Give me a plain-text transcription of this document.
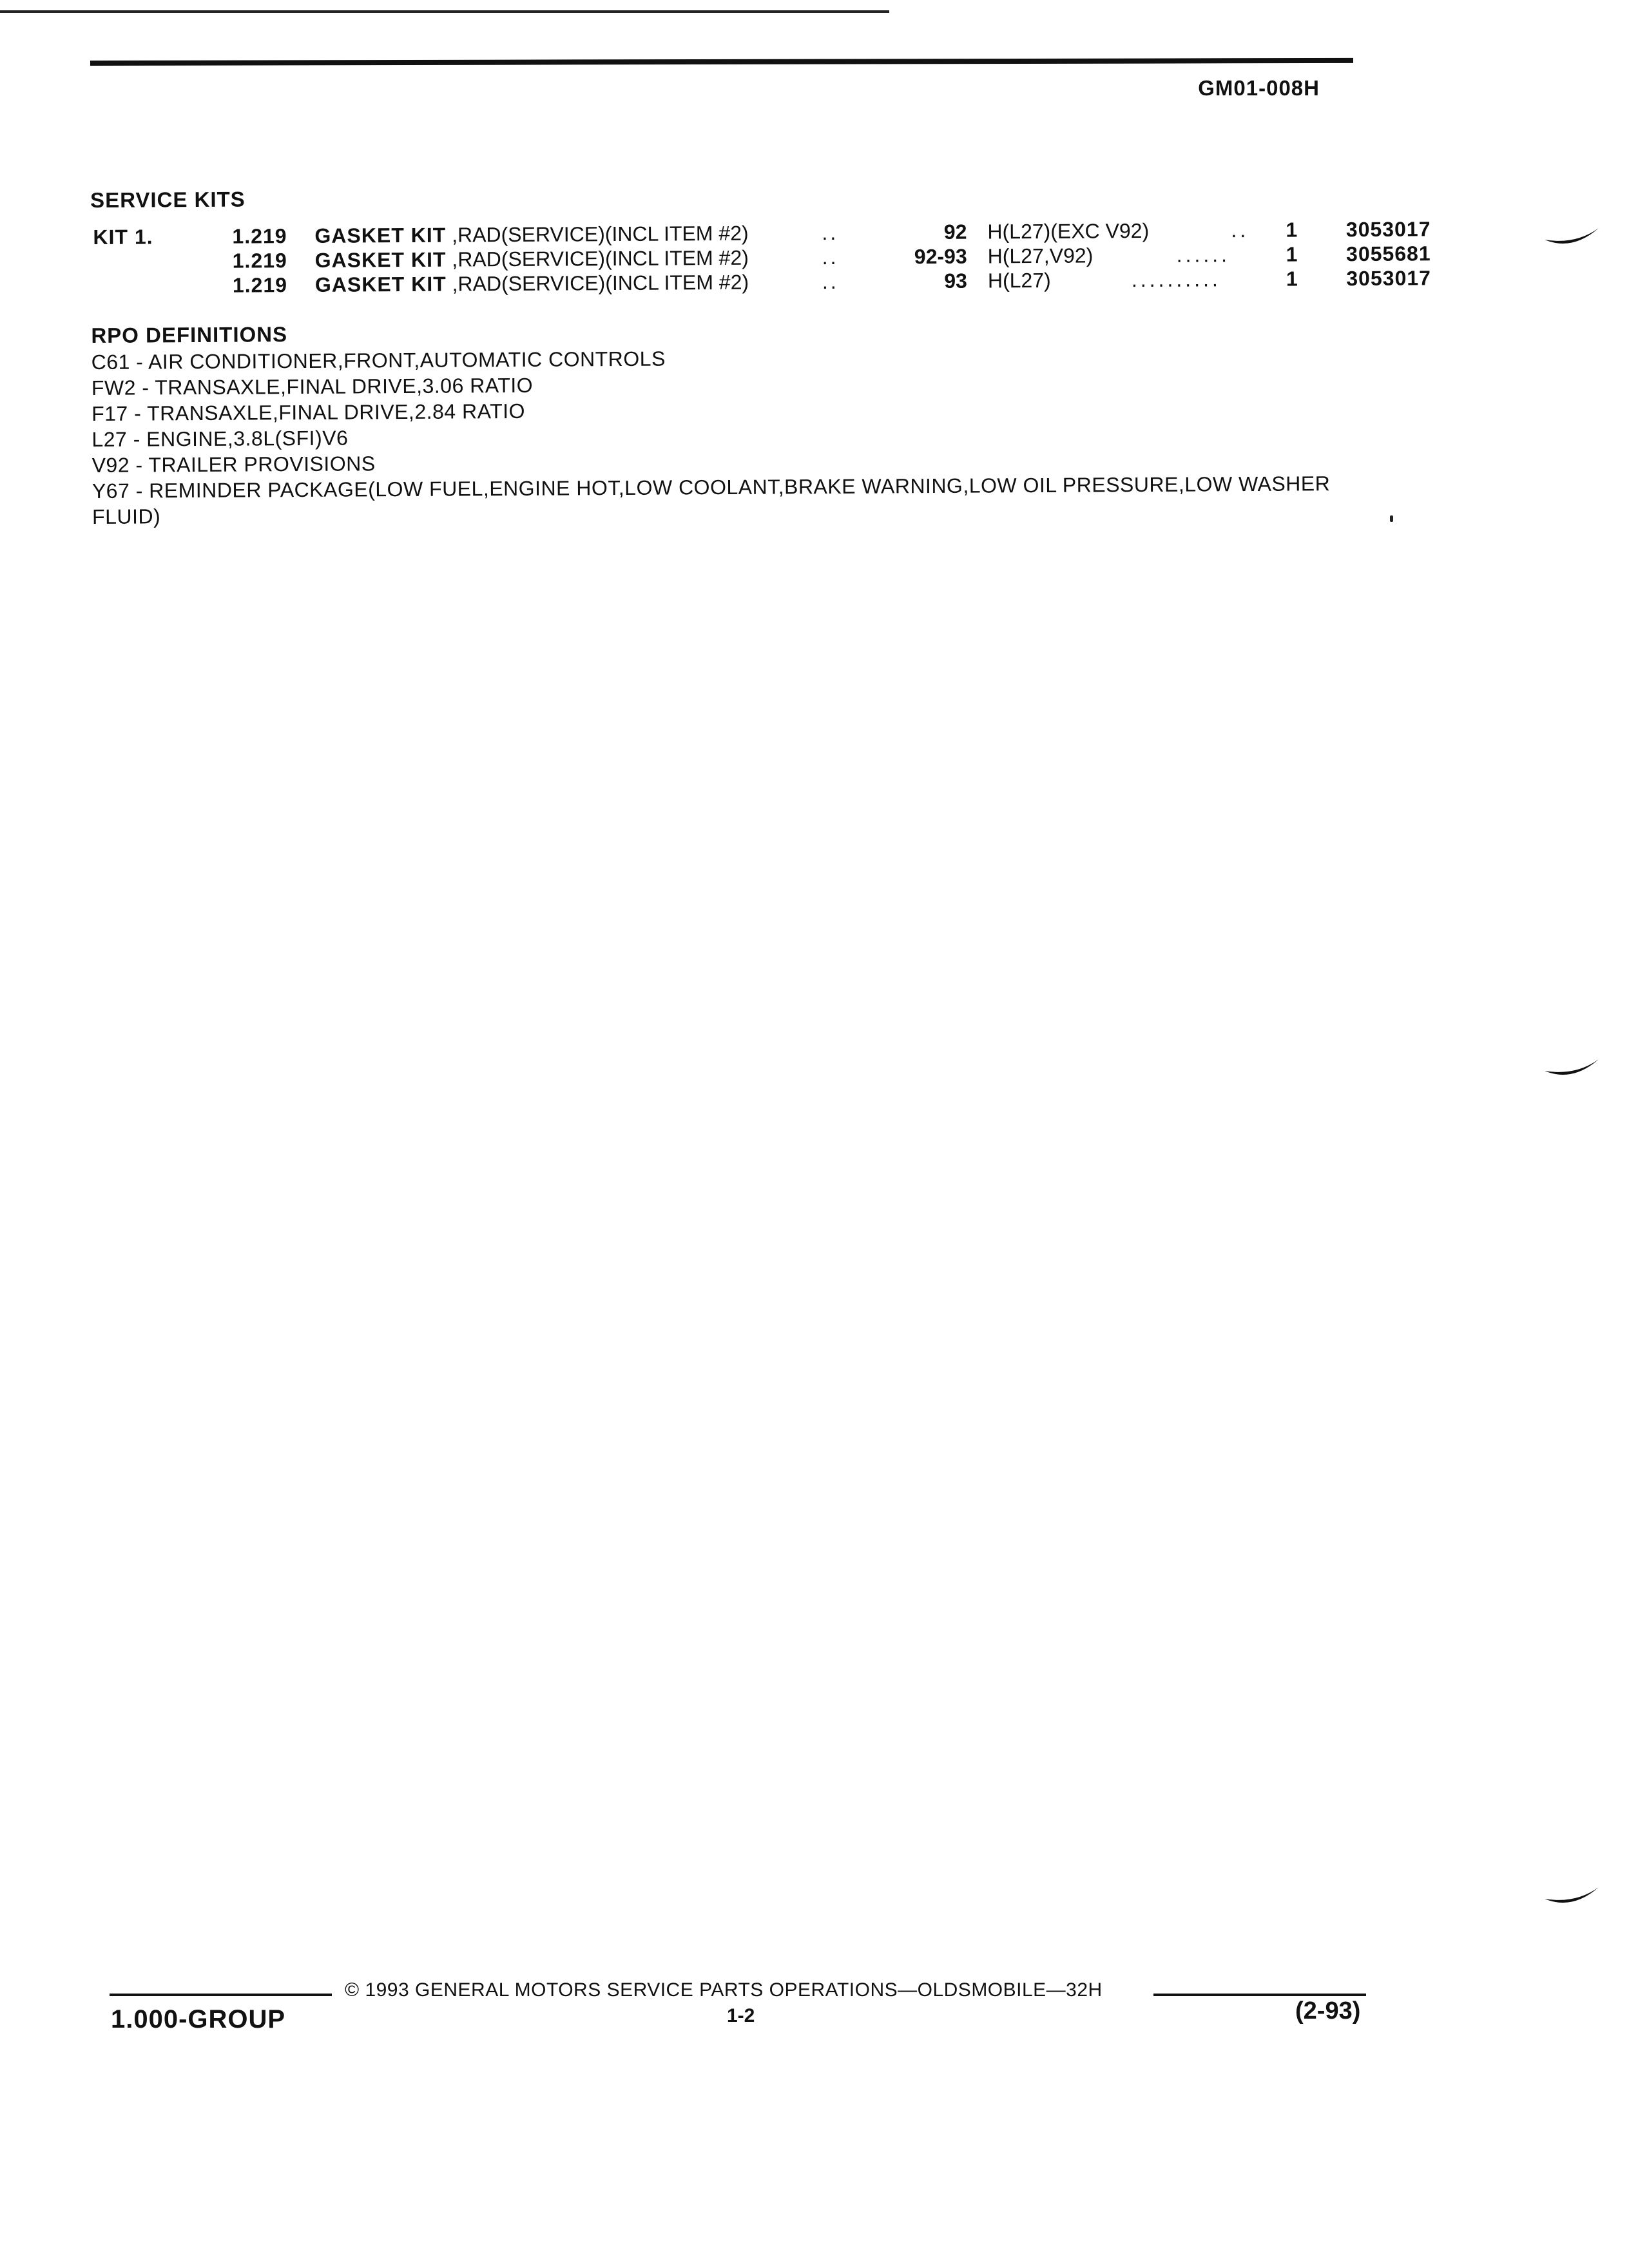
GM01-008H
SERVICE KITS
KIT 1.	1.219 GASKET KIT ,RAD(SERVICE)(INCL ITEM #2)	..	92 H(L27)(EXC V92)	.. 1	3053017
1.219 GASKET KIT ,RAD(SERVICE)(INCL ITEM #2)	..	92-93 H(L27,V92)	......	1	3055681
1.219 GASKET KIT ,RAD(SERVICE)(INCL ITEM #2)	..	93 H(L27)	..........	1	3053017
RPO DEFINITIONS
C61 - AIR CONDITIONER,FRONT,AUTOMATIC CONTROLS
FW2 - TRANSAXLE,FINAL DRIVE,3.06 RATIO
F17 - TRANSAXLE,FINAL DRIVE,2.84 RATIO
L27 - ENGINE,3.8L(SFI)V6
V92 - TRAILER PROVISIONS
Y67 - REMINDER PACKAGE(LOW FUEL,ENGINE HOT,LOW COOLANT,BRAKE WARNING,LOW OIL PRESSURE,LOW WASHER FLUID)
© 1993 GENERAL MOTORS SERVICE PARTS OPERATIONS—OLDSMOBILE—32H
1.000-GROUP	1-2	(2-93)
